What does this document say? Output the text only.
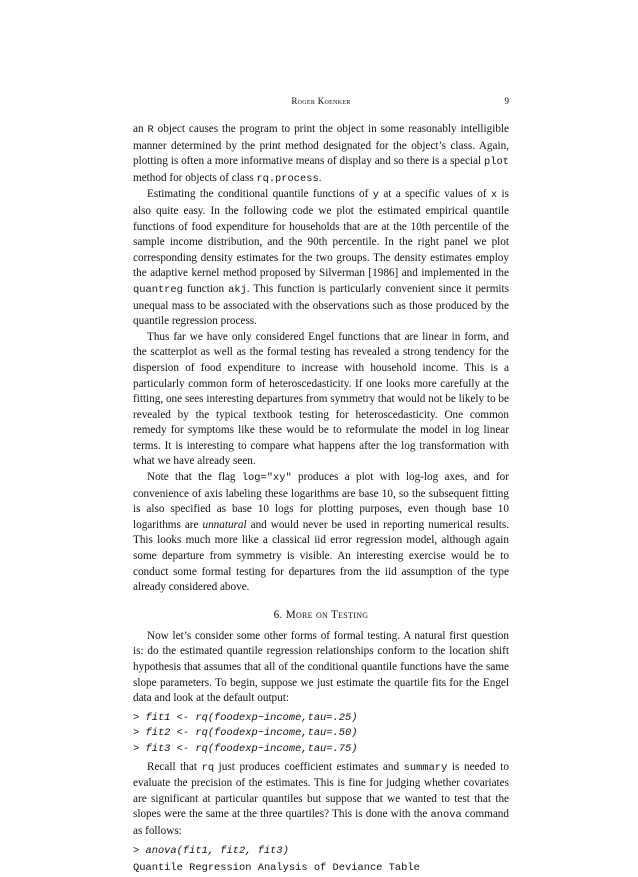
Roger Koenker	9

an R object causes the program to print the object in some reasonably intelligible manner determined by the print method designated for the object’s class. Again, plotting is often a more informative means of display and so there is a special plot method for objects of class rq.process.

Estimating the conditional quantile functions of y at a specific values of x is also quite easy. In the following code we plot the estimated empirical quantile functions of food expenditure for households that are at the 10th percentile of the sample income distribution, and the 90th percentile. In the right panel we plot corresponding density estimates for the two groups. The density estimates employ the adaptive kernel method proposed by Silverman [1986] and implemented in the quantreg function akj. This function is particularly convenient since it permits unequal mass to be associated with the observations such as those produced by the quantile regression process.

Thus far we have only considered Engel functions that are linear in form, and the scatterplot as well as the formal testing has revealed a strong tendency for the dispersion of food expenditure to increase with household income. This is a particularly common form of heteroscedasticity. If one looks more carefully at the fitting, one sees interesting departures from symmetry that would not be likely to be revealed by the typical textbook testing for heteroscedasticity. One common remedy for symptoms like these would be to reformulate the model in log linear terms. It is interesting to compare what happens after the log transformation with what we have already seen.

Note that the flag log="xy" produces a plot with log-log axes, and for convenience of axis labeling these logarithms are base 10, so the subsequent fitting is also specified as base 10 logs for plotting purposes, even though base 10 logarithms are unnatural and would never be used in reporting numerical results. This looks much more like a classical iid error regression model, although again some departure from symmetry is visible. An interesting exercise would be to conduct some formal testing for departures from the iid assumption of the type already considered above.

6. More on Testing

Now let’s consider some other forms of formal testing. A natural first question is: do the estimated quantile regression relationships conform to the location shift hypothesis that assumes that all of the conditional quantile functions have the same slope parameters. To begin, suppose we just estimate the quartile fits for the Engel data and look at the default output:

> fit1 <- rq(foodexp~income,tau=.25)
> fit2 <- rq(foodexp~income,tau=.50)
> fit3 <- rq(foodexp~income,tau=.75)

Recall that rq just produces coefficient estimates and summary is needed to evaluate the precision of the estimates. This is fine for judging whether covariates are significant at particular quantiles but suppose that we wanted to test that the slopes were the same at the three quartiles? This is done with the anova command as follows:

> anova(fit1, fit2, fit3)
Quantile Regression Analysis of Deviance Table
